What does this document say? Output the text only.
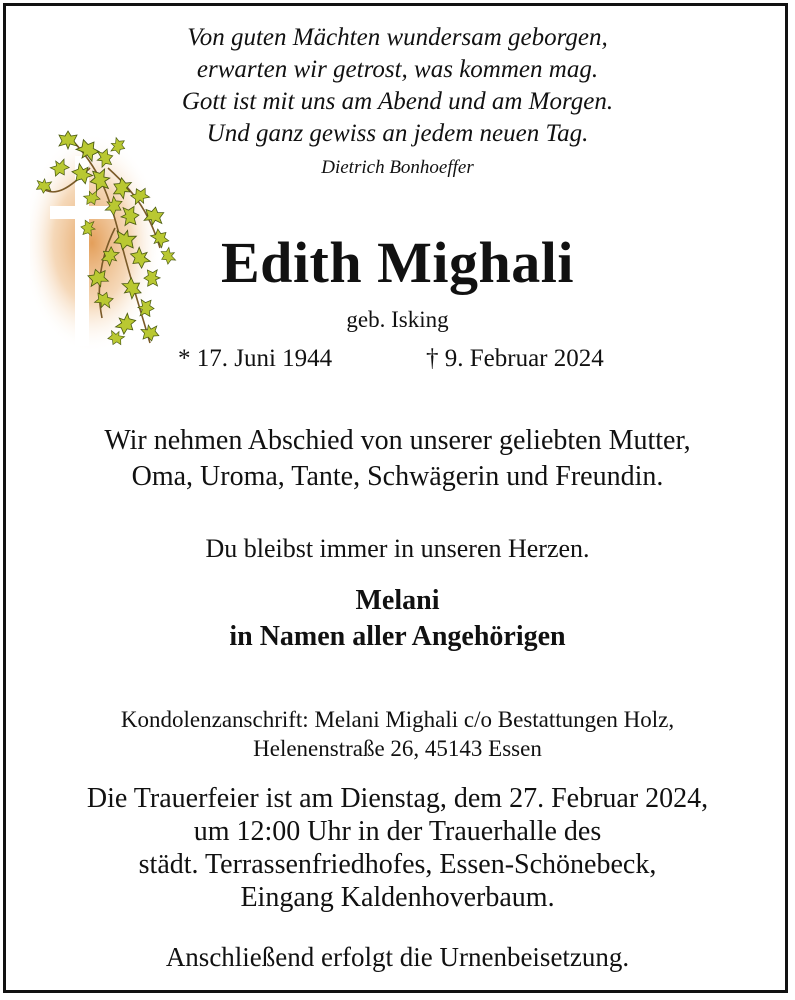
Von guten Mächten wundersam geborgen,
erwarten wir getrost, was kommen mag.
Gott ist mit uns am Abend und am Morgen.
Und ganz gewiss an jedem neuen Tag.
Dietrich Bonhoeffer
Edith Mighali
geb. Isking
* 17. Juni 1944	† 9. Februar 2024
Wir nehmen Abschied von unserer geliebten Mutter,
Oma, Uroma, Tante, Schwägerin und Freundin.
Du bleibst immer in unseren Herzen.
Melani
in Namen aller Angehörigen
Kondolenzanschrift: Melani Mighali c/o Bestattungen Holz,
Helenenstraße 26, 45143 Essen
Die Trauerfeier ist am Dienstag, dem 27. Februar 2024,
um 12:00 Uhr in der Trauerhalle des
städt. Terrassenfriedhofes, Essen-Schönebeck,
Eingang Kaldenhoverbaum.
Anschließend erfolgt die Urnenbeisetzung.
